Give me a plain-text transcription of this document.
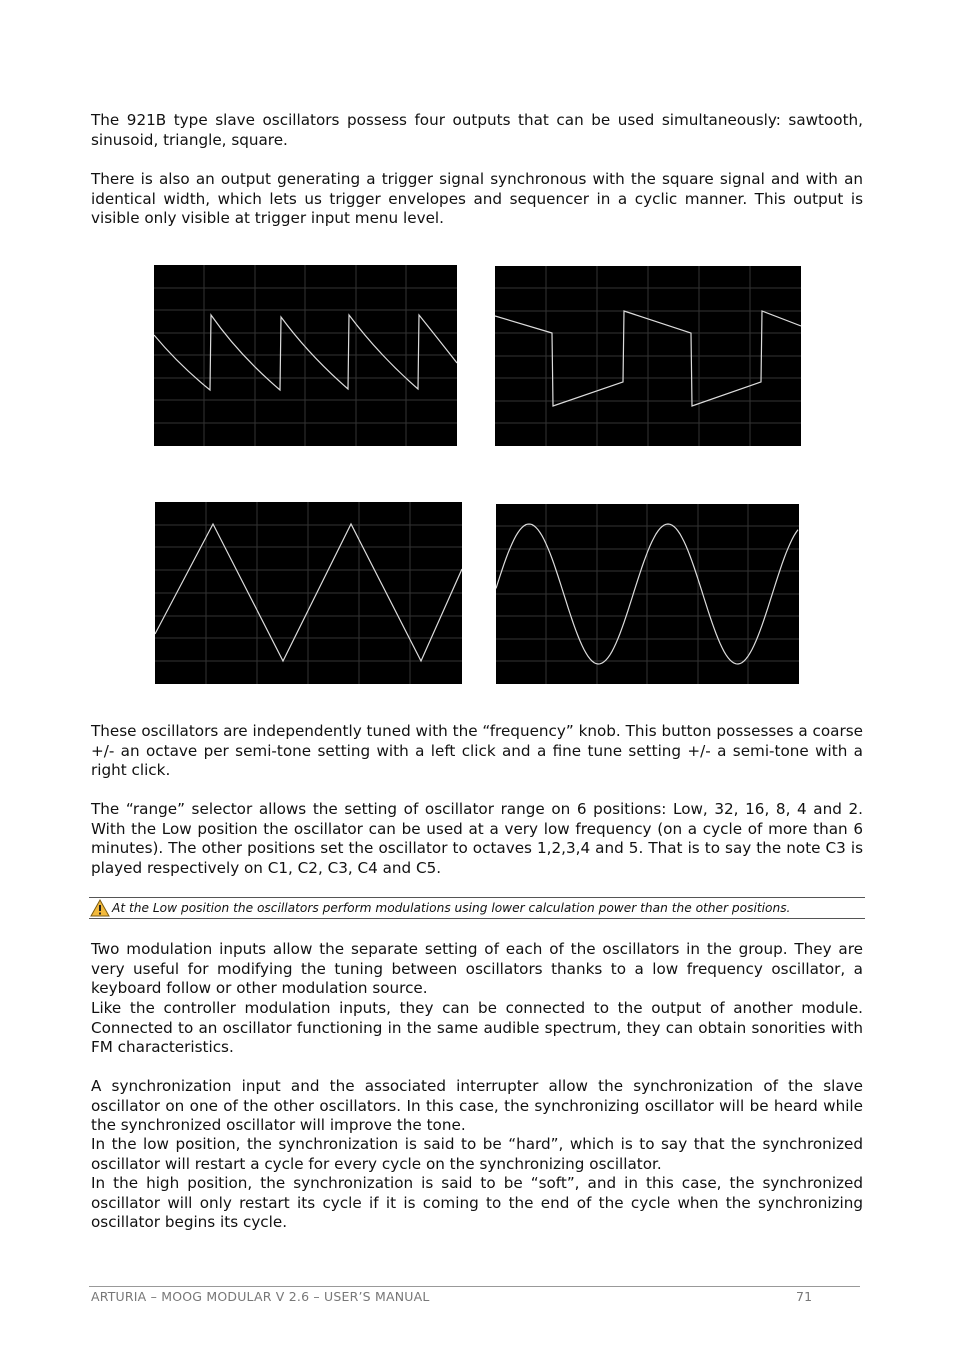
The 921B type slave oscillators possess four outputs that can be used simultaneously: sawtooth, sinusoid, triangle, square.

There is also an output generating a trigger signal synchronous with the square signal and with an identical width, which lets us trigger envelopes and sequencer in a cyclic manner. This output is visible only visible at trigger input menu level.

These oscillators are independently tuned with the “frequency” knob. This button possesses a coarse +/- an octave per semi-tone setting with a left click and a fine tune setting +/- a semi-tone with a right click.

The “range” selector allows the setting of oscillator range on 6 positions: Low, 32, 16, 8, 4 and 2. With the Low position the oscillator can be used at a very low frequency (on a cycle of more than 6 minutes). The other positions set the oscillator to octaves 1,2,3,4 and 5. That is to say the note C3 is played respectively on C1, C2, C3, C4 and C5.

At the Low position the oscillators perform modulations using lower calculation power than the other positions.

Two modulation inputs allow the separate setting of each of the oscillators in the group. They are very useful for modifying the tuning between oscillators thanks to a low frequency oscillator, a keyboard follow or other modulation source.

Like the controller modulation inputs, they can be connected to the output of another module. Connected to an oscillator functioning in the same audible spectrum, they can obtain sonorities with FM characteristics.

A synchronization input and the associated interrupter allow the synchronization of the slave oscillator on one of the other oscillators. In this case, the synchronizing oscillator will be heard while the synchronized oscillator will improve the tone.

In the low position, the synchronization is said to be “hard”, which is to say that the synchronized oscillator will restart a cycle for every cycle on the synchronizing oscillator.

In the high position, the synchronization is said to be “soft”, and in this case, the synchronized oscillator will only restart its cycle if it is coming to the end of the cycle when the synchronizing oscillator begins its cycle.

ARTURIA – MOOG MODULAR V 2.6 – USER’S MANUAL	71
